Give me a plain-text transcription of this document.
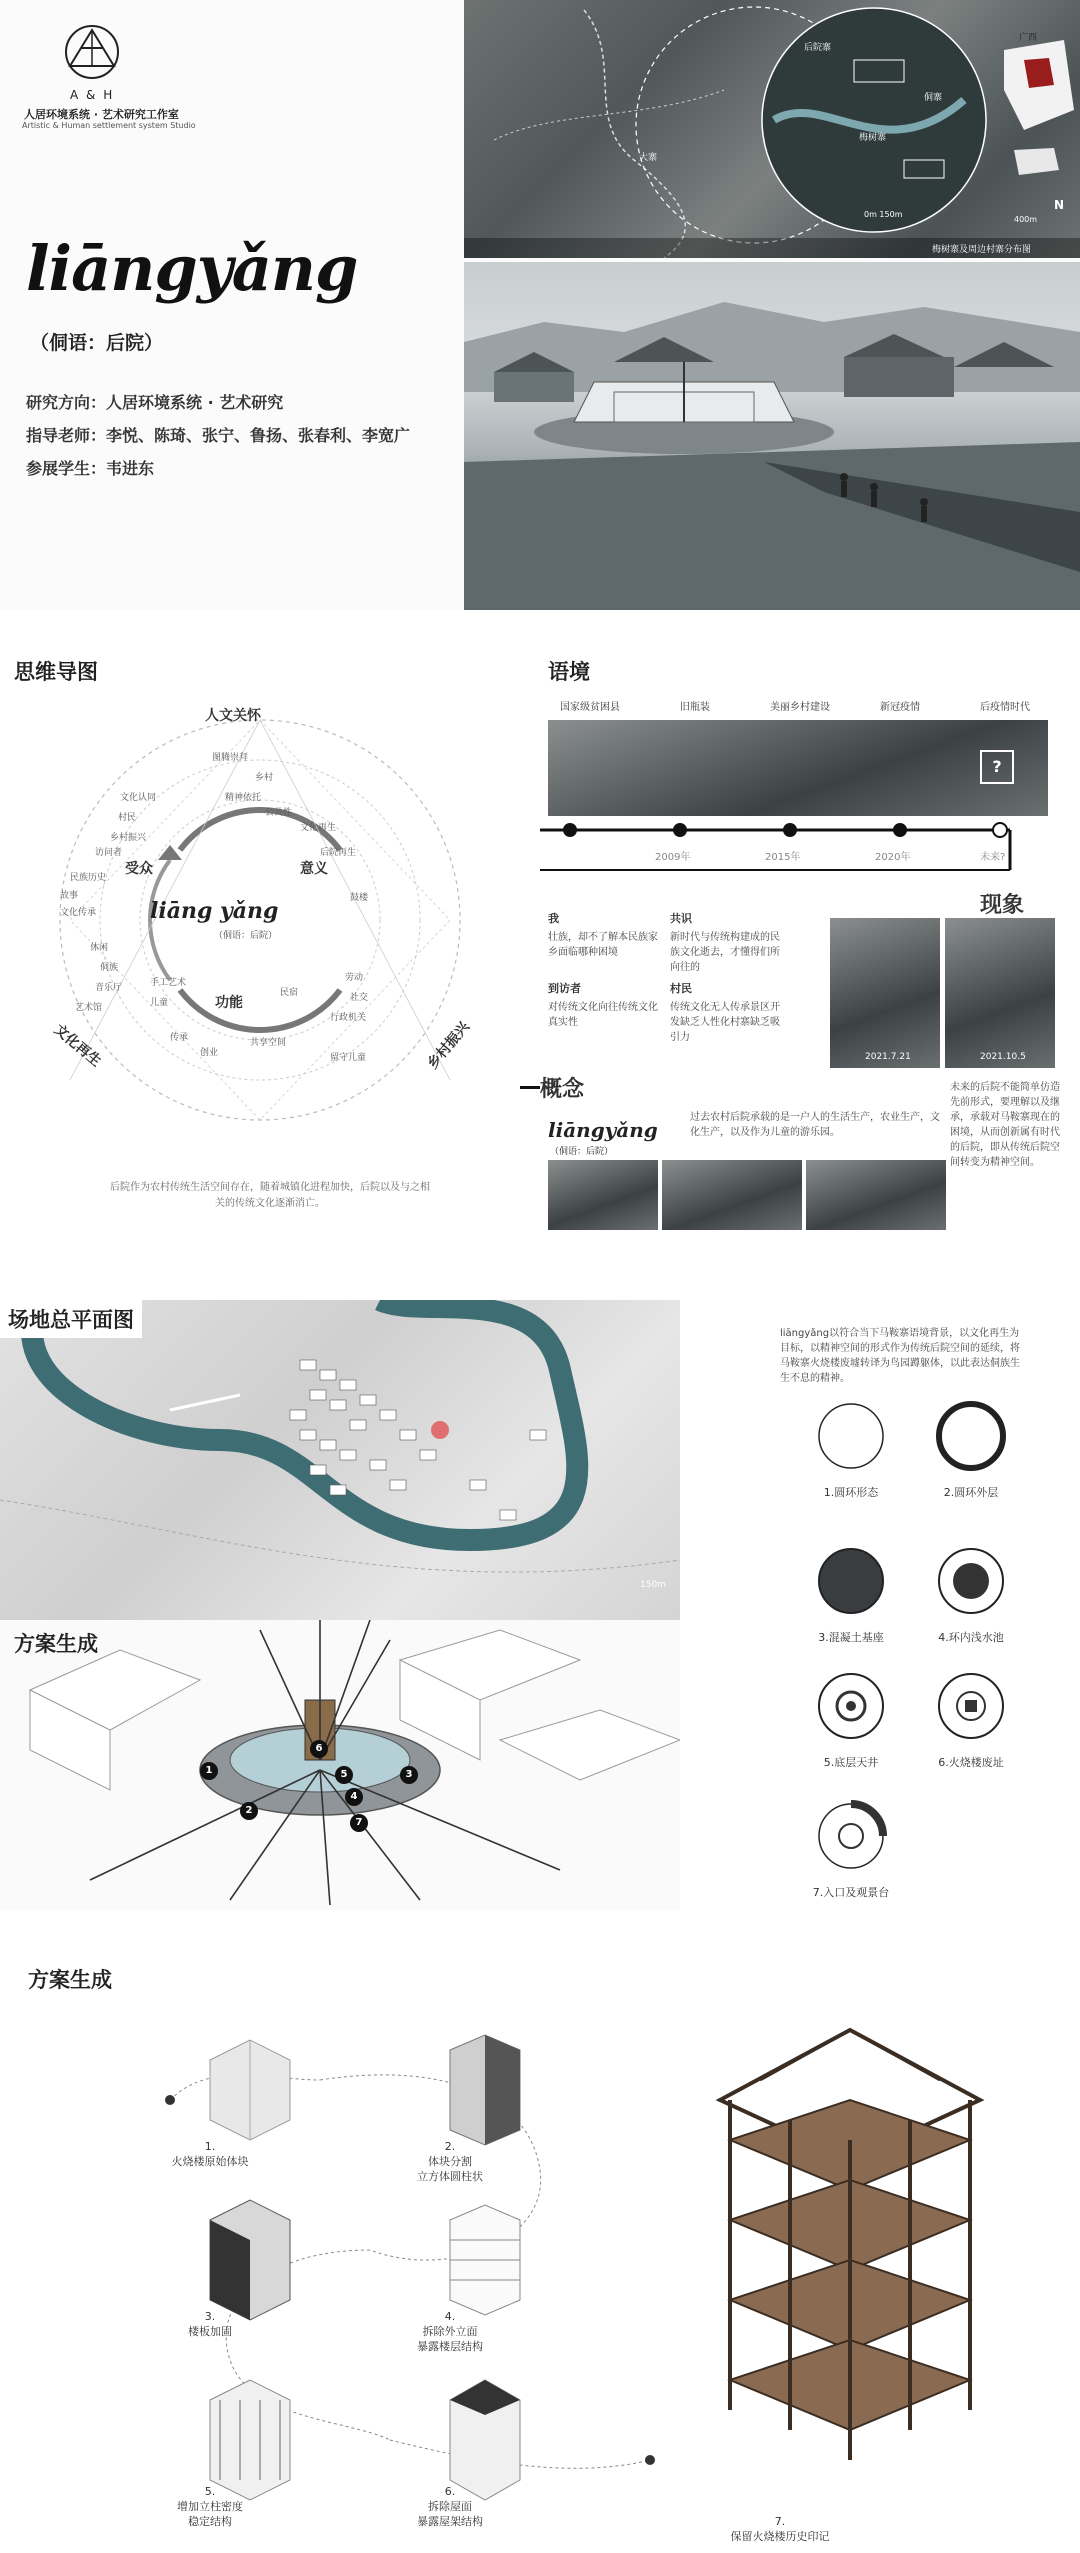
A & H
人居环境系统 · 艺术研究工作室
Artistic & Human settlement system Studio
liāngyǎng
（侗语：后院）
研究方向：人居环境系统 · 艺术研究
指导老师：李悦、陈琦、张宁、鲁扬、张春利、李宽广
参展学生：韦进东
后院寨
大寨
梅树寨
广西
侗寨
0m 150m
400m
N
梅树寨及周边村寨分布图
思维导图
人文关怀
文化再生	乡村振兴
受众	意义
功能
liāng yǎng
（侗语：后院）
图腾崇拜
乡村
精神依托
公共性
文化再生
文化认同
村民
乡村振兴
访问者	后院再生
民族历史
故事
文化传承
鼓楼
休闲
侗族
音乐厅
艺术馆
手工艺术
儿童
劳动
社交
传承
创业
民宿
行政机关
共享空间
留守儿童
后院作为农村传统生活空间存在，随着城镇化进程加快，后院以及与之相关的传统文化逐渐消亡。
语境
国家级贫困县	旧瓶装	美丽乡村建设	新冠疫情	后疫情时代
?
2009年	2015年	2020年	未来?
现象
我
壮族，却不了解本民族家乡面临哪种困境
共识
新时代与传统构建成的民族文化逝去，才懂得们所向往的
到访者
对传统文化向往传统文化真实性
村民
传统文化无人传承景区开发缺乏人性化村寨缺乏吸引力
2021.7.21	2021.10.5
概念
liāngyǎng
（侗语：后院）
过去农村后院承载的是一户人的生活生产，农业生产，文化生产，以及作为儿童的游乐园。
未来的后院不能简单仿造先前形式，要理解以及继承，承载对马鞍寨现在的困境，从而创新属有时代的后院，即从传统后院空间转变为精神空间。
场地总平面图
150m
方案生成
1
2
3
4
5
6
7
liāngyǎng以符合当下马鞍寨语境背景，以文化再生为目标，以精神空间的形式作为传统后院空间的延续，将马鞍寨火烧楼废墟转译为鸟园蹲躯体，以此表达侗族生生不息的精神。
1.圆环形态	2.圆环外层
3.混凝土基座	4.环内浅水池
5.底层天井	6.火烧楼废址
7.入口及观景台
方案生成
1.
火烧楼原始体块
2.
体块分割
立方体圆柱状
3.
楼板加固
4.
拆除外立面
暴露楼层结构
5.
增加立柱密度
稳定结构
6.
拆除屋面
暴露屋架结构	7.
保留火烧楼历史印记
